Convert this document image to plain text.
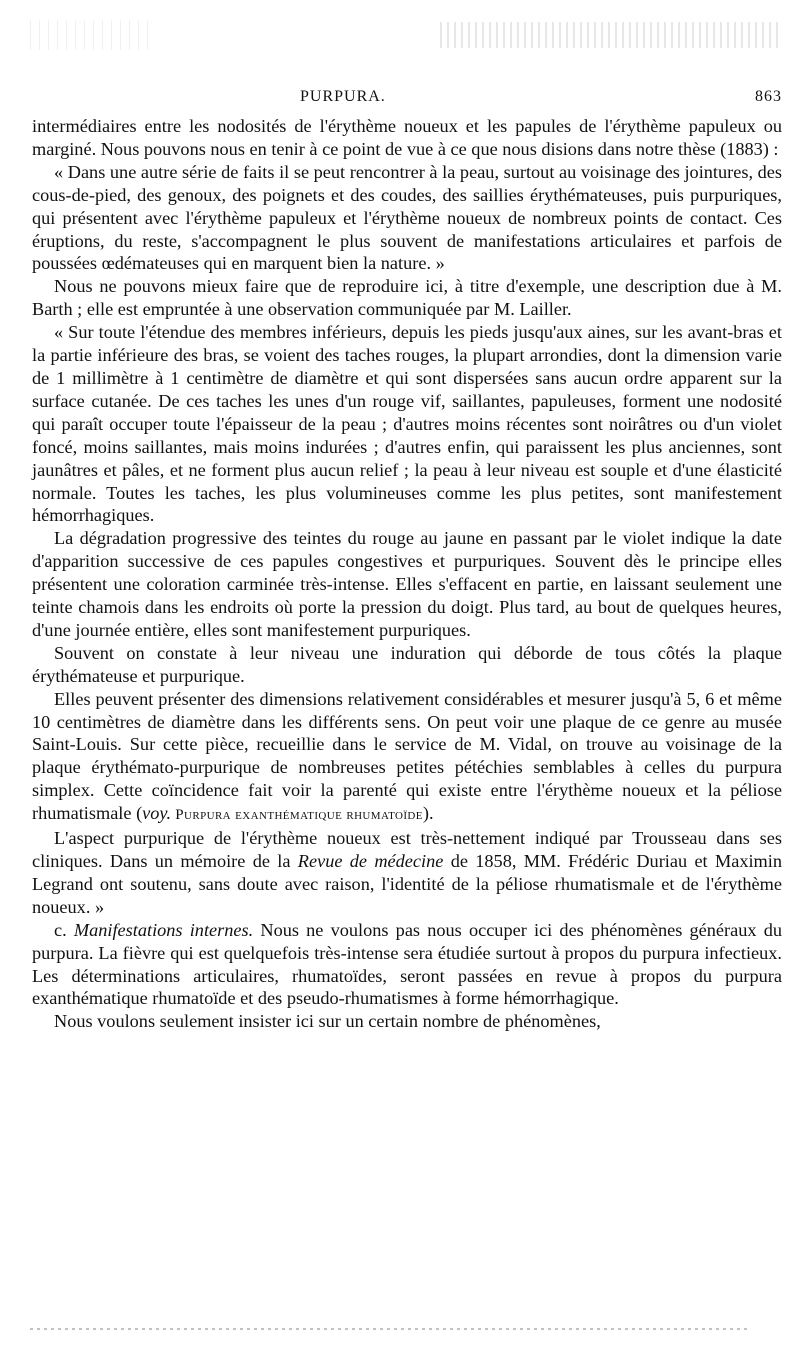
PURPURA.	863

intermédiaires entre les nodosités de l'érythème noueux et les papules de l'érythème papuleux ou marginé. Nous pouvons nous en tenir à ce point de vue à ce que nous disions dans notre thèse (1883) :

« Dans une autre série de faits il se peut rencontrer à la peau, surtout au voisinage des jointures, des cous-de-pied, des genoux, des poignets et des coudes, des saillies érythémateuses, puis purpuriques, qui présentent avec l'érythème papuleux et l'érythème noueux de nombreux points de contact. Ces éruptions, du reste, s'accompagnent le plus souvent de manifestations articulaires et parfois de poussées œdémateuses qui en marquent bien la nature. »

Nous ne pouvons mieux faire que de reproduire ici, à titre d'exemple, une description due à M. Barth ; elle est empruntée à une observation communiquée par M. Lailler.

« Sur toute l'étendue des membres inférieurs, depuis les pieds jusqu'aux aines, sur les avant-bras et la partie inférieure des bras, se voient des taches rouges, la plupart arrondies, dont la dimension varie de 1 millimètre à 1 centimètre de diamètre et qui sont dispersées sans aucun ordre apparent sur la surface cutanée. De ces taches les unes d'un rouge vif, saillantes, papuleuses, forment une nodosité qui paraît occuper toute l'épaisseur de la peau ; d'autres moins récentes sont noirâtres ou d'un violet foncé, moins saillantes, mais moins indurées ; d'autres enfin, qui paraissent les plus anciennes, sont jaunâtres et pâles, et ne forment plus aucun relief ; la peau à leur niveau est souple et d'une élasticité normale. Toutes les taches, les plus volumineuses comme les plus petites, sont manifestement hémorrhagiques.

La dégradation progressive des teintes du rouge au jaune en passant par le violet indique la date d'apparition successive de ces papules congestives et purpuriques. Souvent dès le principe elles présentent une coloration carminée très-intense. Elles s'effacent en partie, en laissant seulement une teinte chamois dans les endroits où porte la pression du doigt. Plus tard, au bout de quelques heures, d'une journée entière, elles sont manifestement purpuriques.

Souvent on constate à leur niveau une induration qui déborde de tous côtés la plaque érythémateuse et purpurique.

Elles peuvent présenter des dimensions relativement considérables et mesurer jusqu'à 5, 6 et même 10 centimètres de diamètre dans les différents sens. On peut voir une plaque de ce genre au musée Saint-Louis. Sur cette pièce, recueillie dans le service de M. Vidal, on trouve au voisinage de la plaque érythémato-purpurique de nombreuses petites pétéchies semblables à celles du purpura simplex. Cette coïncidence fait voir la parenté qui existe entre l'érythème noueux et la péliose rhumatismale (voy. Purpura exanthématique rhumatoïde).

L'aspect purpurique de l'érythème noueux est très-nettement indiqué par Trousseau dans ses cliniques. Dans un mémoire de la Revue de médecine de 1858, MM. Frédéric Duriau et Maximin Legrand ont soutenu, sans doute avec raison, l'identité de la péliose rhumatismale et de l'érythème noueux. »

c. Manifestations internes. Nous ne voulons pas nous occuper ici des phénomènes généraux du purpura. La fièvre qui est quelquefois très-intense sera étudiée surtout à propos du purpura infectieux. Les déterminations articulaires, rhumatoïdes, seront passées en revue à propos du purpura exanthématique rhumatoïde et des pseudo-rhumatismes à forme hémorrhagique.

Nous voulons seulement insister ici sur un certain nombre de phénomènes,
